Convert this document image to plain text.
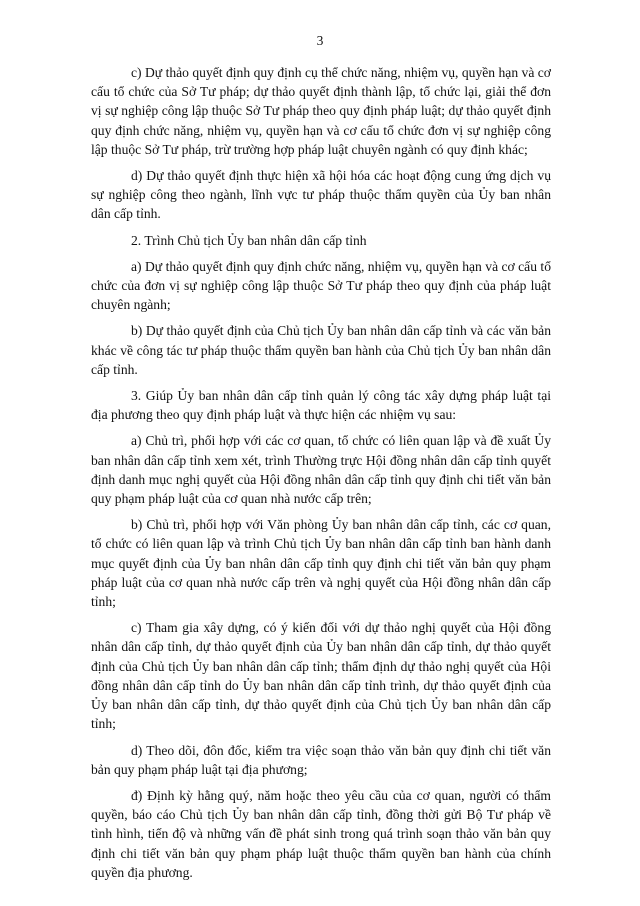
3

c) Dự thảo quyết định quy định cụ thể chức năng, nhiệm vụ, quyền hạn và cơ cấu tổ chức của Sở Tư pháp; dự thảo quyết định thành lập, tổ chức lại, giải thể đơn vị sự nghiệp công lập thuộc Sở Tư pháp theo quy định pháp luật; dự thảo quyết định quy định chức năng, nhiệm vụ, quyền hạn và cơ cấu tổ chức đơn vị sự nghiệp công lập thuộc Sở Tư pháp, trừ trường hợp pháp luật chuyên ngành có quy định khác;

d) Dự thảo quyết định thực hiện xã hội hóa các hoạt động cung ứng dịch vụ sự nghiệp công theo ngành, lĩnh vực tư pháp thuộc thẩm quyền của Ủy ban nhân dân cấp tỉnh.

2. Trình Chủ tịch Ủy ban nhân dân cấp tỉnh

a) Dự thảo quyết định quy định chức năng, nhiệm vụ, quyền hạn và cơ cấu tổ chức của đơn vị sự nghiệp công lập thuộc Sở Tư pháp theo quy định của pháp luật chuyên ngành;

b) Dự thảo quyết định của Chủ tịch Ủy ban nhân dân cấp tỉnh và các văn bản khác về công tác tư pháp thuộc thẩm quyền ban hành của Chủ tịch Ủy ban nhân dân cấp tỉnh.

3. Giúp Ủy ban nhân dân cấp tỉnh quản lý công tác xây dựng pháp luật tại địa phương theo quy định pháp luật và thực hiện các nhiệm vụ sau:

a) Chủ trì, phối hợp với các cơ quan, tổ chức có liên quan lập và đề xuất Ủy ban nhân dân cấp tỉnh xem xét, trình Thường trực Hội đồng nhân dân cấp tỉnh quyết định danh mục nghị quyết của Hội đồng nhân dân cấp tỉnh quy định chi tiết văn bản quy phạm pháp luật của cơ quan nhà nước cấp trên;

b) Chủ trì, phối hợp với Văn phòng Ủy ban nhân dân cấp tỉnh, các cơ quan, tổ chức có liên quan lập và trình Chủ tịch Ủy ban nhân dân cấp tỉnh ban hành danh mục quyết định của Ủy ban nhân dân cấp tỉnh quy định chi tiết văn bản quy phạm pháp luật của cơ quan nhà nước cấp trên và nghị quyết của Hội đồng nhân dân cấp tỉnh;

c) Tham gia xây dựng, có ý kiến đối với dự thảo nghị quyết của Hội đồng nhân dân cấp tỉnh, dự thảo quyết định của Ủy ban nhân dân cấp tỉnh, dự thảo quyết định của Chủ tịch Ủy ban nhân dân cấp tỉnh; thẩm định dự thảo nghị quyết của Hội đồng nhân dân cấp tỉnh do Ủy ban nhân dân cấp tỉnh trình, dự thảo quyết định của Ủy ban nhân dân cấp tỉnh, dự thảo quyết định của Chủ tịch Ủy ban nhân dân cấp tỉnh;

d) Theo dõi, đôn đốc, kiểm tra việc soạn thảo văn bản quy định chi tiết văn bản quy phạm pháp luật tại địa phương;

đ) Định kỳ hằng quý, năm hoặc theo yêu cầu của cơ quan, người có thẩm quyền, báo cáo Chủ tịch Ủy ban nhân dân cấp tỉnh, đồng thời gửi Bộ Tư pháp về tình hình, tiến độ và những vấn đề phát sinh trong quá trình soạn thảo văn bản quy định chi tiết văn bản quy phạm pháp luật thuộc thẩm quyền ban hành của chính quyền địa phương.
